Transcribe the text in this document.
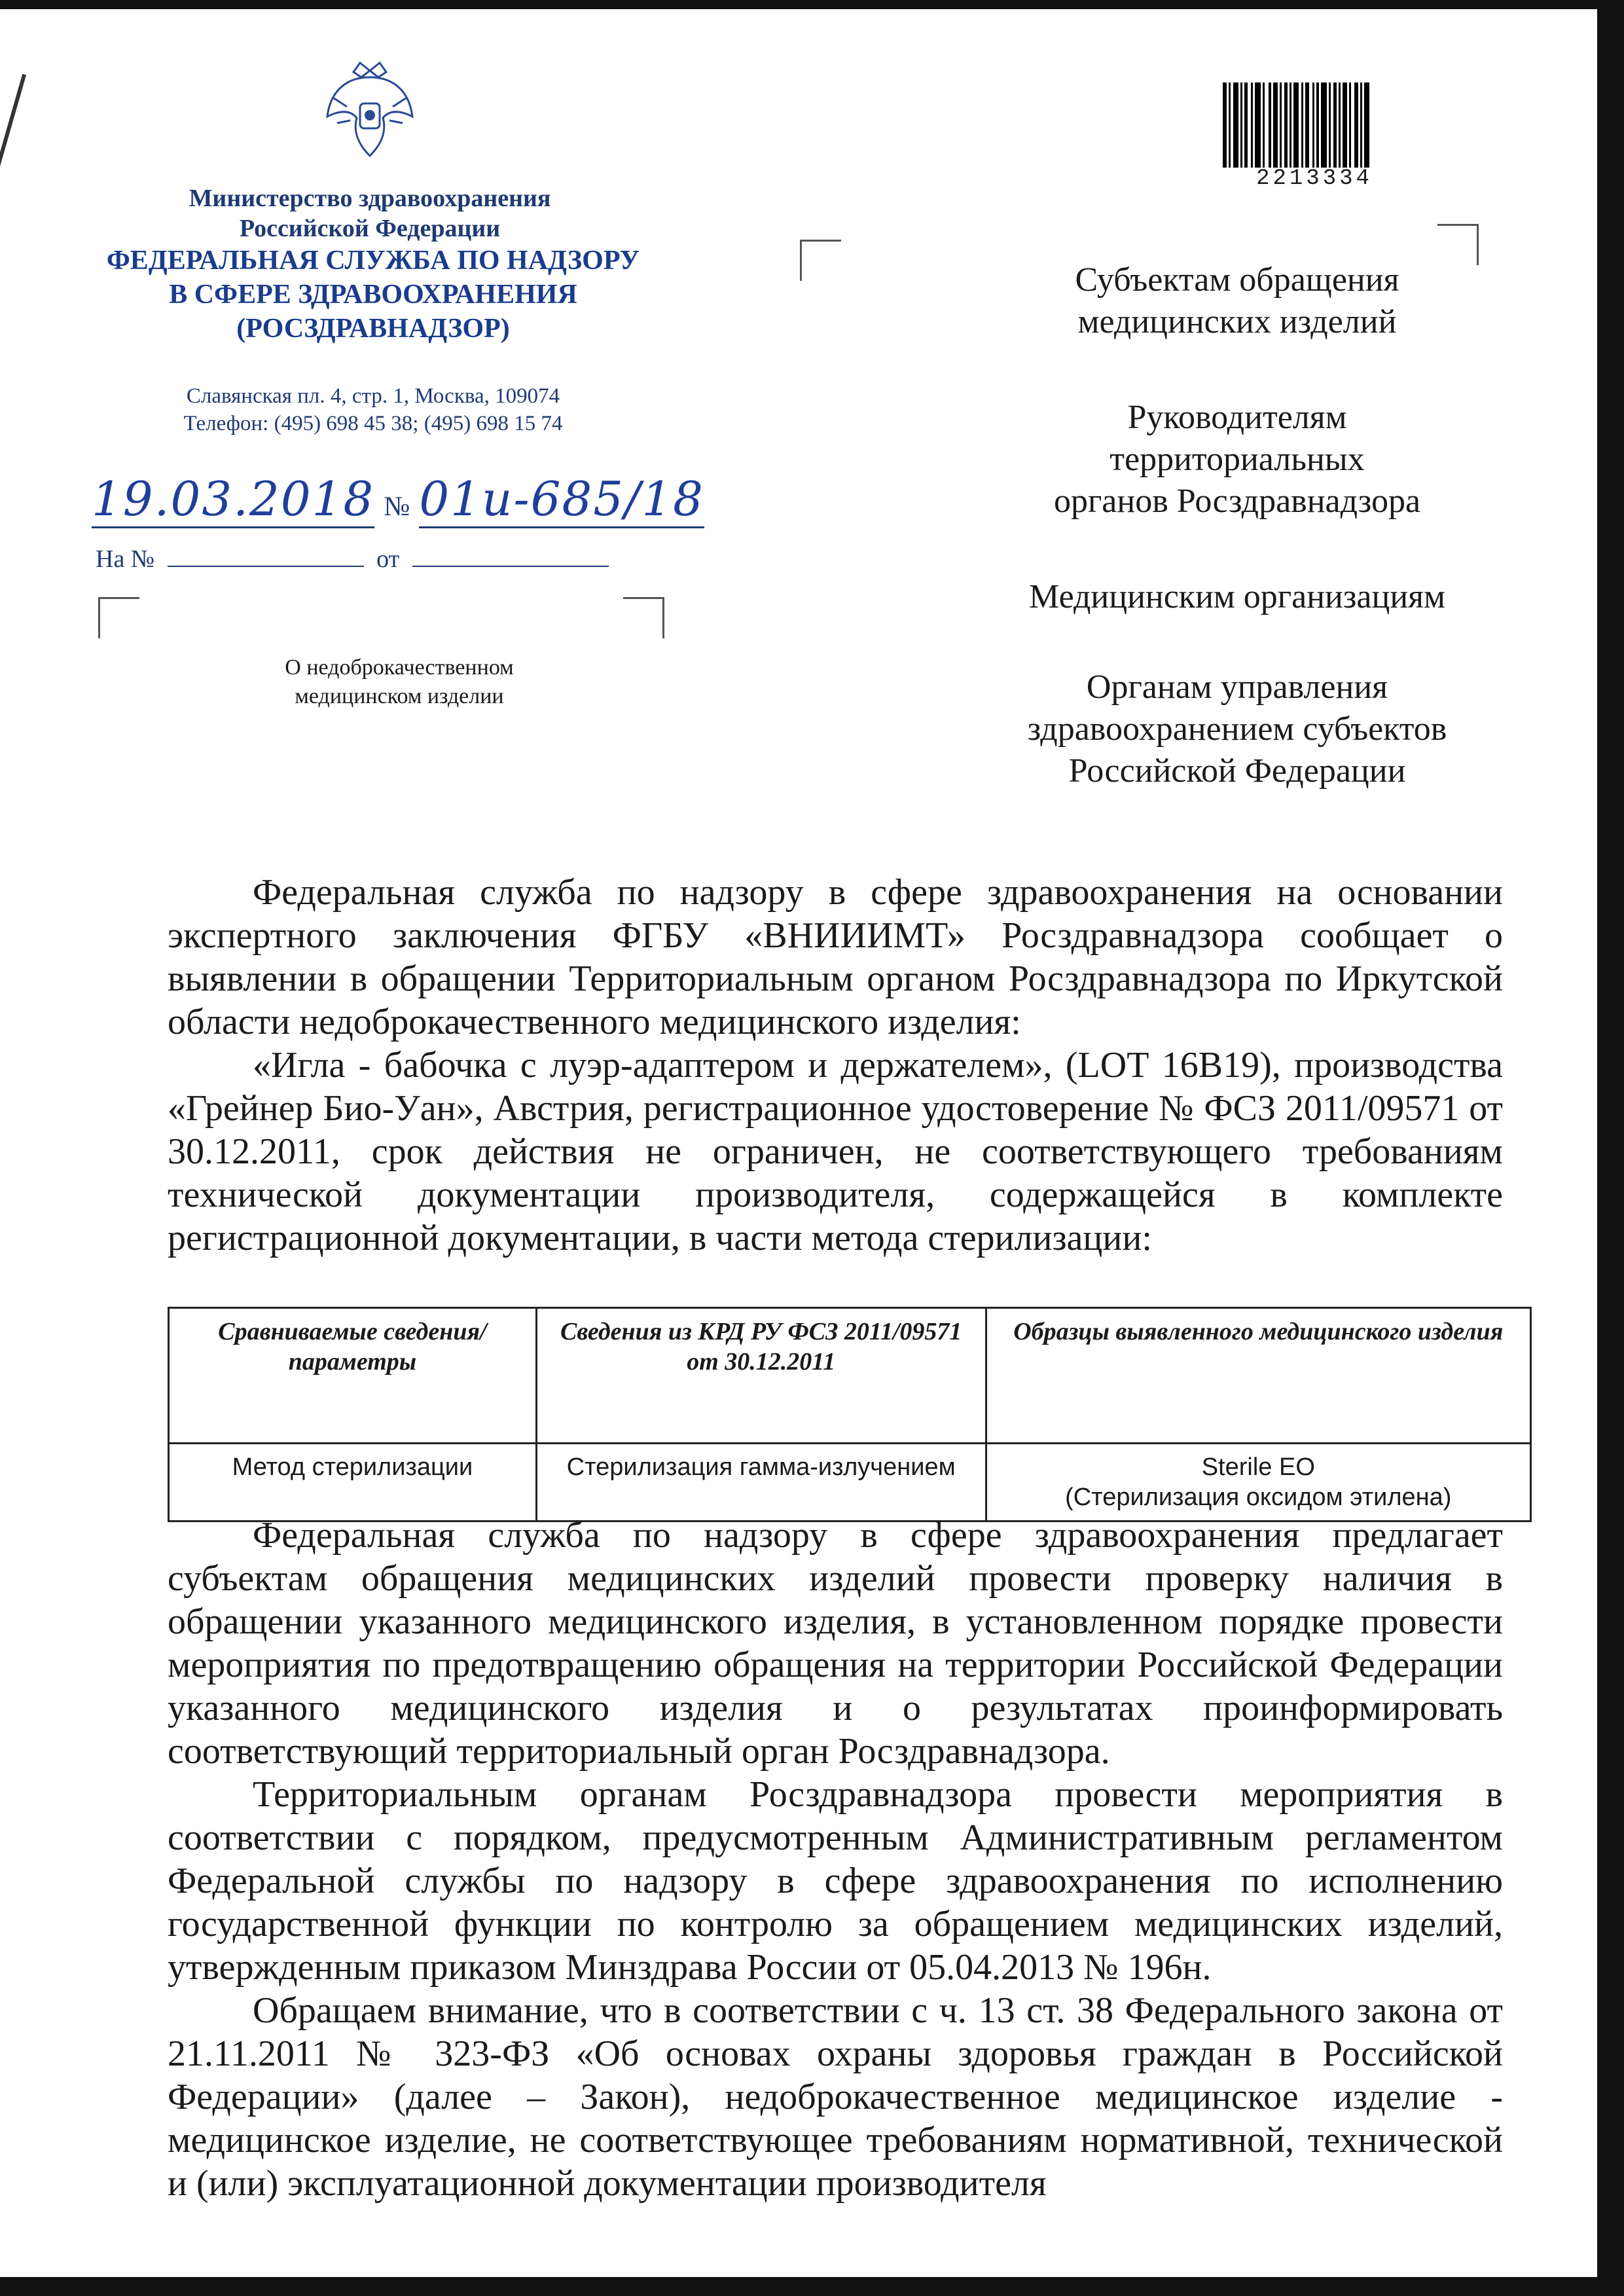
Министерство здравоохранения
Российской Федерации
ФЕДЕРАЛЬНАЯ СЛУЖБА ПО НАДЗОРУ
В СФЕРЕ ЗДРАВООХРАНЕНИЯ
(РОСЗДРАВНАДЗОР)
Славянская пл. 4, стр. 1, Москва, 109074
Телефон: (495) 698 45 38; (495) 698 15 74
19.03.2018 № 01и-685/18
На №	от
О недоброкачественном
медицинском изделии
2213334
Субъектам обращения
медицинских изделий
Руководителям
территориальных
органов Росздравнадзора
Медицинским организациям
Органам управления
здравоохранением субъектов
Российской Федерации

Федеральная служба по надзору в сфере здравоохранения на основании экспертного заключения ФГБУ «ВНИИИМТ» Росздравнадзора сообщает о выявлении в обращении Территориальным органом Росздравнадзора по Иркутской области недоброкачественного медицинского изделия:

«Игла - бабочка с луэр-адаптером и держателем», (LOT 16B19), производства «Грейнер Био-Уан», Австрия, регистрационное удостоверение № ФСЗ 2011/09571 от 30.12.2011, срок действия не ограничен, не соответствующего требованиям технической документации производителя, содержащейся в комплекте регистрационной документации, в части метода стерилизации:

Сравниваемые сведения/параметры	Сведения из КРД РУ ФСЗ 2011/09571 от 30.12.2011	Образцы выявленного медицинского изделия
Метод стерилизации	Стерилизация гамма-излучением	Sterile EO
(Стерилизация оксидом этилена)

Федеральная служба по надзору в сфере здравоохранения предлагает субъектам обращения медицинских изделий провести проверку наличия в обращении указанного медицинского изделия, в установленном порядке провести мероприятия по предотвращению обращения на территории Российской Федерации указанного медицинского изделия и о результатах проинформировать соответствующий территориальный орган Росздравнадзора.

Территориальным органам Росздравнадзора провести мероприятия в соответствии с порядком, предусмотренным Административным регламентом Федеральной службы по надзору в сфере здравоохранения по исполнению государственной функции по контролю за обращением медицинских изделий, утвержденным приказом Минздрава России от 05.04.2013 № 196н.

Обращаем внимание, что в соответствии с ч. 13 ст. 38 Федерального закона от 21.11.2011 № 323-ФЗ «Об основах охраны здоровья граждан в Российской Федерации» (далее – Закон), недоброкачественное медицинское изделие - медицинское изделие, не соответствующее требованиям нормативной, технической и (или) эксплуатационной документации производителя
